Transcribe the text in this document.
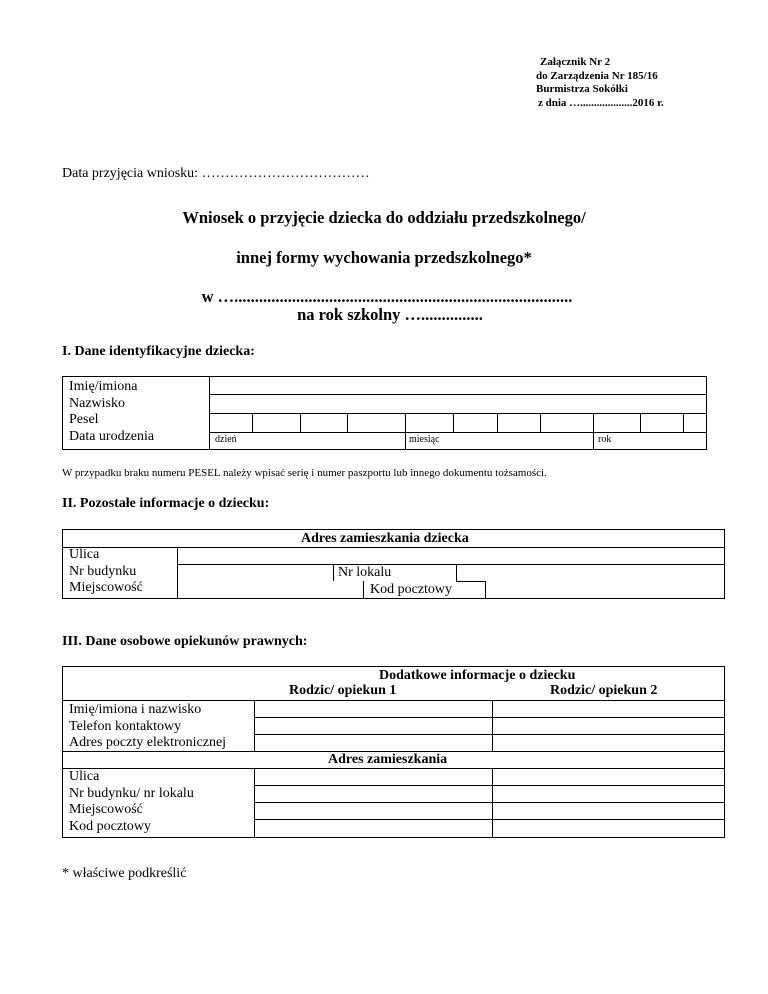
Załącznik Nr 2
do Zarządzenia Nr 185/16
Burmistrza Sokółki
z dnia …...................2016 r.
Data przyjęcia wniosku: ………………………………
Wniosek o przyjęcie dziecka do oddziału przedszkolnego/
innej formy wychowania przedszkolnego*
w …..................................................................................
na rok szkolny …...............
I. Dane identyfikacyjne dziecka:
Imię/imiona
Nazwisko
Pesel
Data urodzenia	dzień	miesiąc	rok
W przypadku braku numeru PESEL należy wpisać serię i numer paszportu lub innego dokumentu tożsamości.
II. Pozostałe informacje o dziecku:
Adres zamieszkania dziecka
Ulica
Nr budynku
Miejscowość
Nr lokalu
Kod pocztowy
III. Dane osobowe opiekunów prawnych:
Dodatkowe informacje o dziecku
Rodzic/ opiekun 1	Rodzic/ opiekun 2
Imię/imiona i nazwisko
Telefon kontaktowy
Adres poczty elektronicznej
Adres zamieszkania
Ulica
Nr budynku/ nr lokalu
Miejscowość
Kod pocztowy
* właściwe podkreślić
